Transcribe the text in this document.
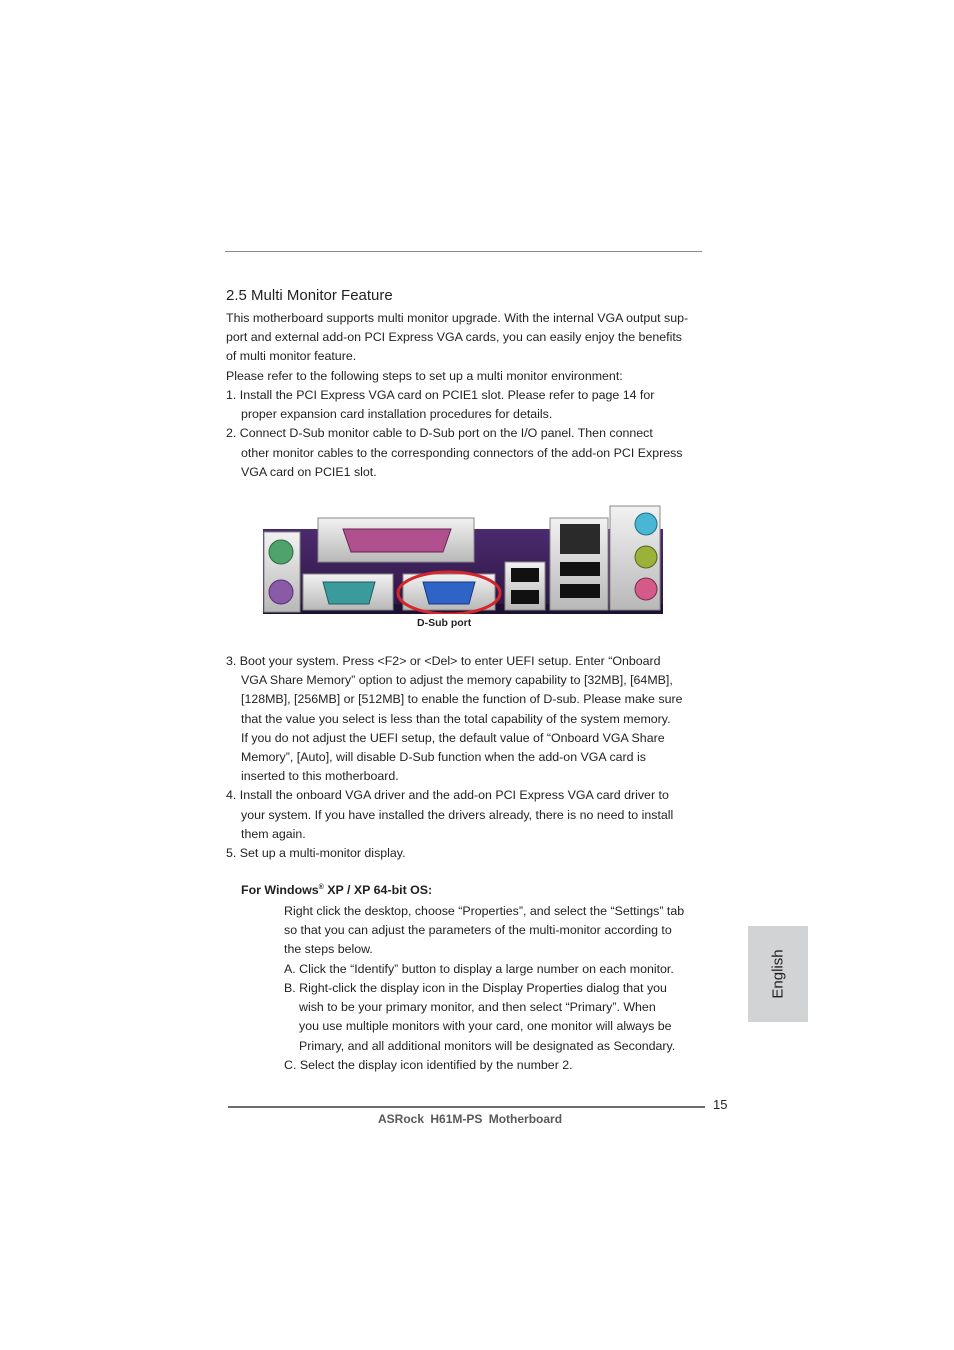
2.5 Multi Monitor Feature
This motherboard supports multi monitor upgrade. With the internal VGA output sup-
port and external add-on PCI Express VGA cards, you can easily enjoy the benefits
of multi monitor feature.
Please refer to the following steps to set up a multi monitor environment:
1. Install the PCI Express VGA card on PCIE1 slot. Please refer to page 14 for
proper expansion card installation procedures for details.
2. Connect D-Sub monitor cable to D-Sub port on the I/O panel. Then connect
other monitor cables to the corresponding connectors of the add-on PCI Express
VGA card on PCIE1 slot.
D-Sub port
3. Boot your system. Press <F2> or <Del> to enter UEFI setup. Enter “Onboard
VGA Share Memory” option to adjust the memory capability to [32MB], [64MB],
[128MB], [256MB] or [512MB] to enable the function of D-sub. Please make sure
that the value you select is less than the total capability of the system memory.
If you do not adjust the UEFI setup, the default value of “Onboard VGA Share
Memory”, [Auto], will disable D-Sub function when the add-on VGA card is
inserted to this motherboard.
4. Install the onboard VGA driver and the add-on PCI Express VGA card driver to
your system. If you have installed the drivers already, there is no need to install
them again.
5. Set up a multi-monitor display.
For Windows® XP / XP 64-bit OS:
Right click the desktop, choose “Properties”, and select the “Settings” tab
so that you can adjust the parameters of the multi-monitor according to
the steps below.
A. Click the “Identify” button to display a large number on each monitor.
B. Right-click the display icon in the Display Properties dialog that you
wish to be your primary monitor, and then select “Primary”. When
you use multiple monitors with your card, one monitor will always be
Primary, and all additional monitors will be designated as Secondary.
C. Select the display icon identified by the number 2.
English
15
ASRock H61M-PS Motherboard
